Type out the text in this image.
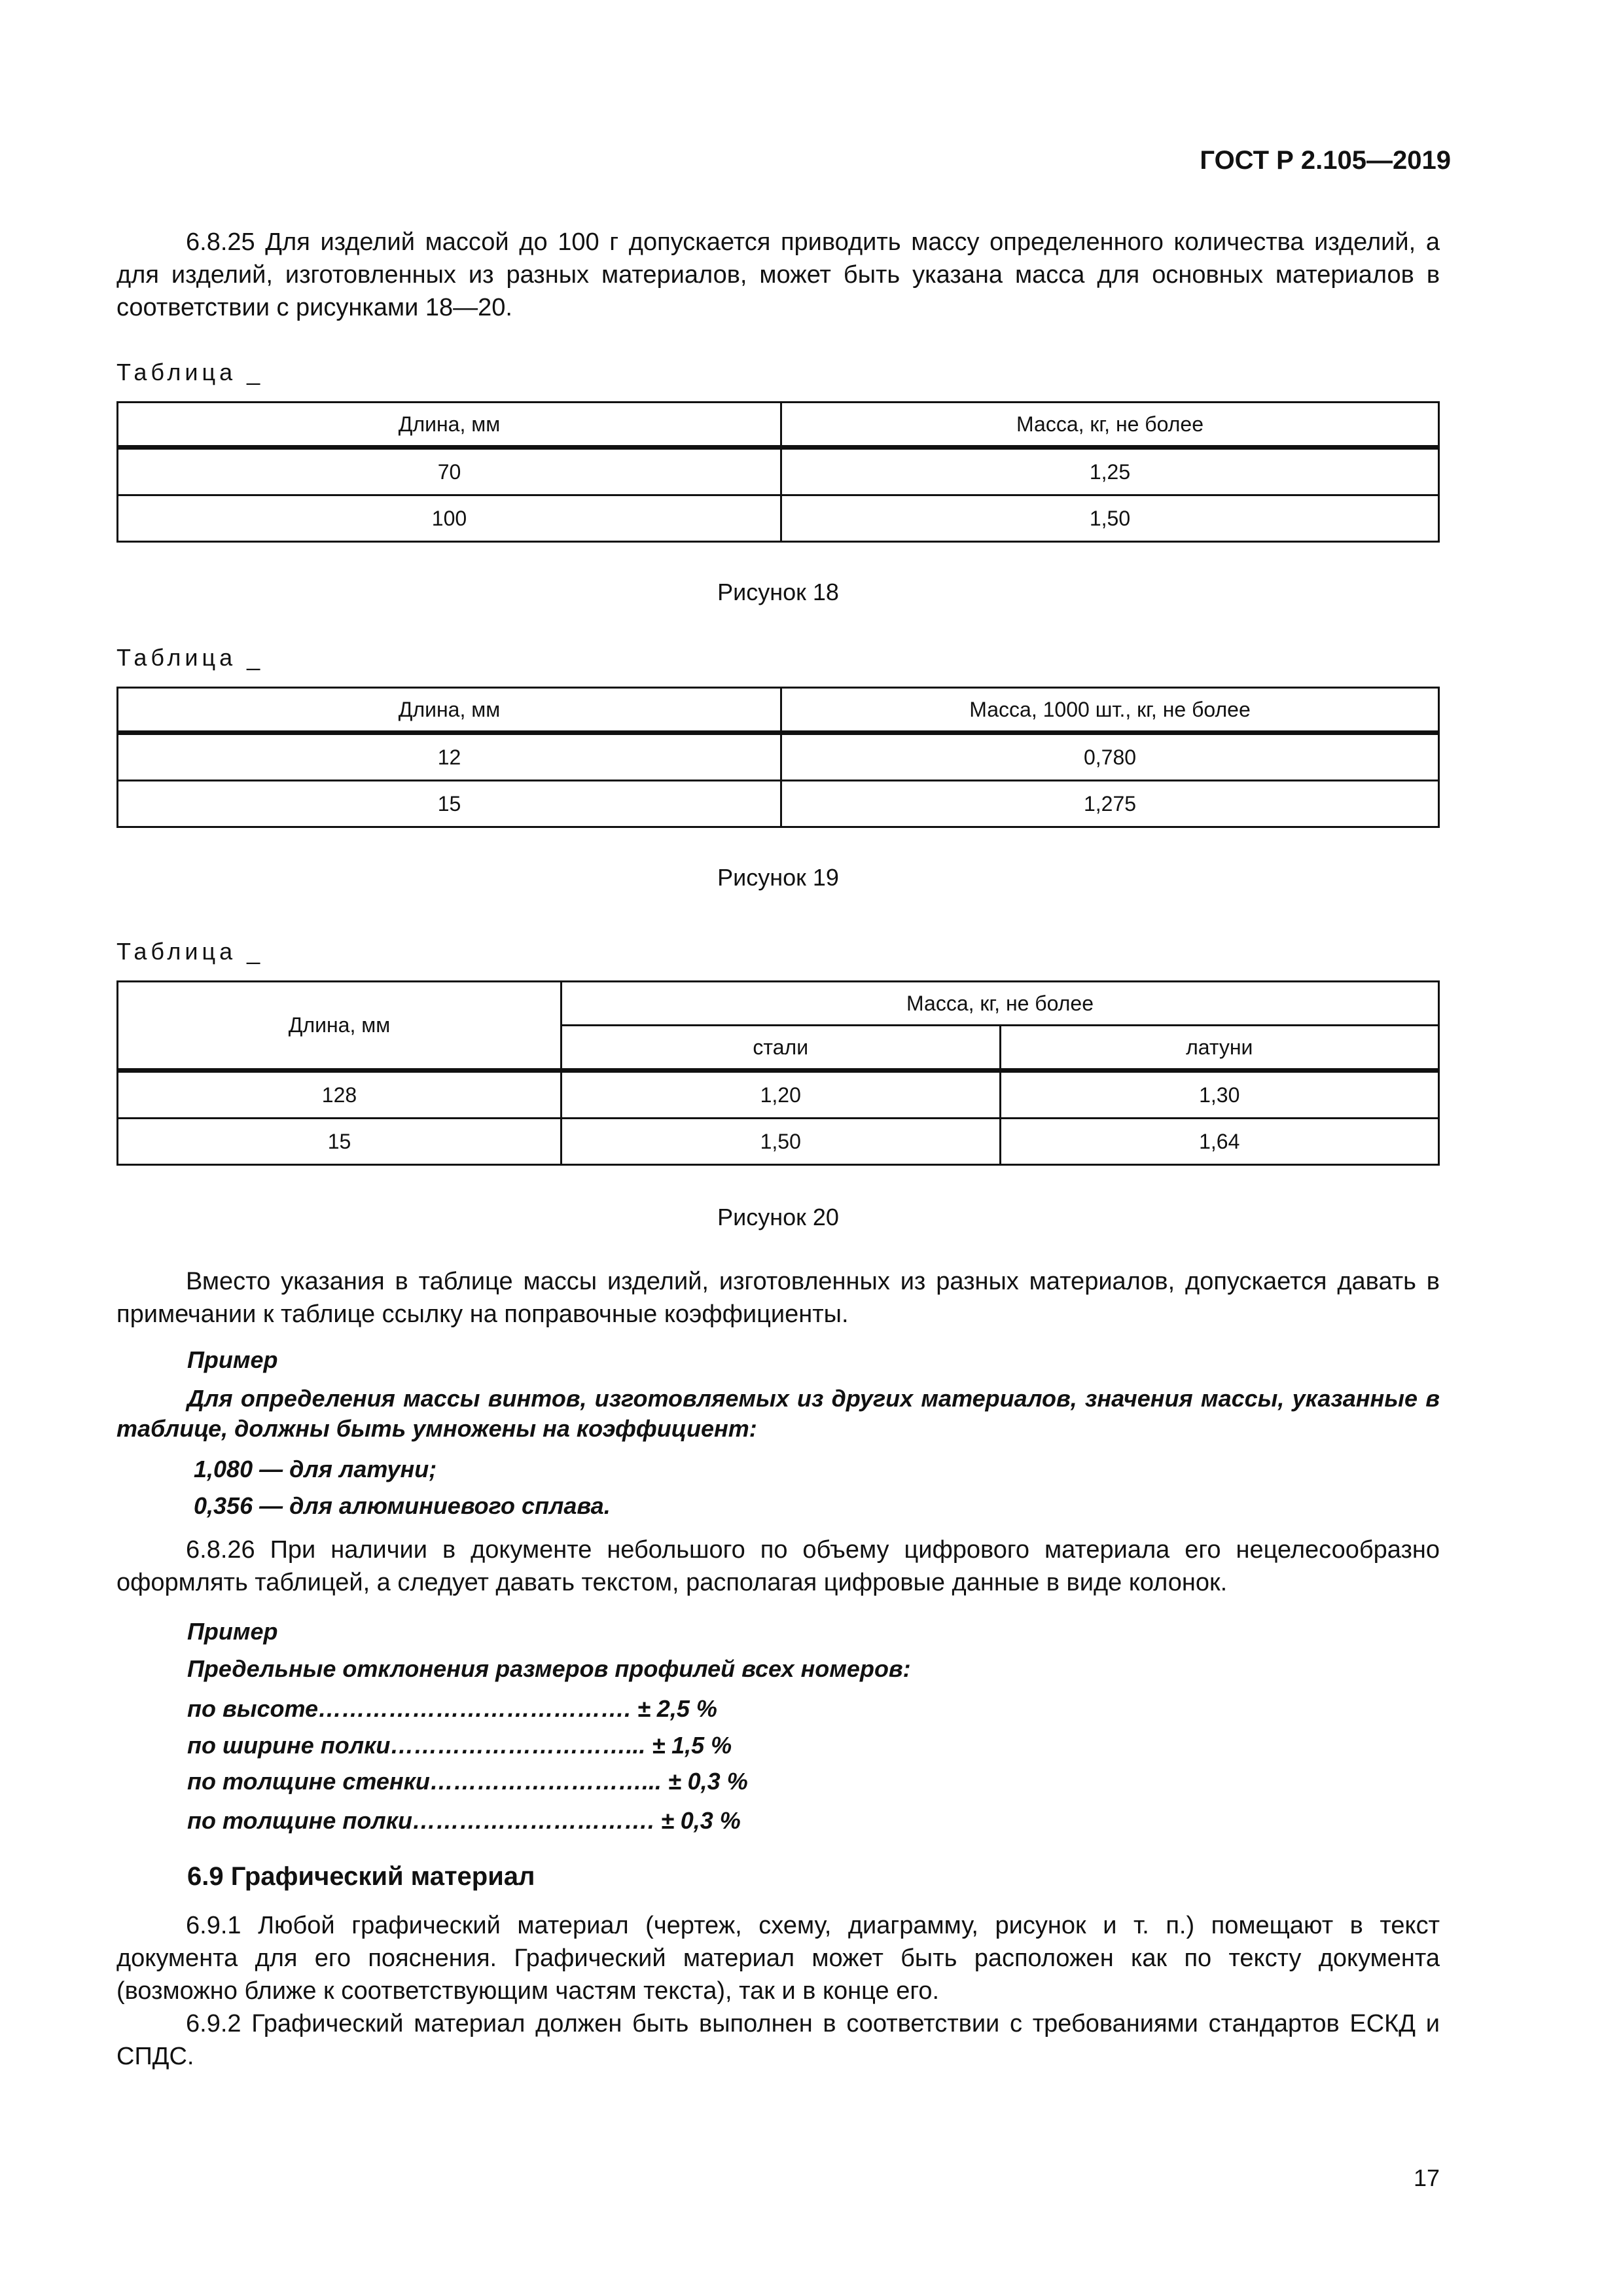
ГОСТ Р 2.105—2019

6.8.25 Для изделий массой до 100 г допускается приводить массу определенного количества изделий, а для изделий, изготовленных из разных материалов, может быть указана масса для основных материалов в соответствии с рисунками 18—20.

Таблица _
Длина, мм	Масса, кг, не более
70	1,25
100	1,50
Рисунок 18
Таблица _
Длина, мм	Масса, 1000 шт., кг, не более
12	0,780
15	1,275
Рисунок 19
Таблица _
Длина, мм	Масса, кг, не более	
	стали	латуни
128	1,20	1,30
15	1,50	1,64
Рисунок 20

Вместо указания в таблице массы изделий, изготовленных из разных материалов, допускается давать в примечании к таблице ссылку на поправочные коэффициенты.

Пример

Для определения массы винтов, изготовляемых из других материалов, значения массы, указанные в таблице, должны быть умножены на коэффициент:

1,080 — для латуни;
0,356 — для алюминиевого сплава.

6.8.26 При наличии в документе небольшого по объему цифрового материала его нецелесообразно оформлять таблицей, а следует давать текстом, располагая цифровые данные в виде колонок.

Пример
Предельные отклонения размеров профилей всех номеров:
по высоте…………………………………. ± 2,5 %
по ширине полки…………………………... ± 1,5 %
по толщине стенки………………………... ± 0,3 %
по толщине полки…………………………. ± 0,3 %
6.9 Графический материал

6.9.1 Любой графический материал (чертеж, схему, диаграмму, рисунок и т. п.) помещают в текст документа для его пояснения. Графический материал может быть расположен как по тексту документа (возможно ближе к соответствующим частям текста), так и в конце его.

6.9.2 Графический материал должен быть выполнен в соответствии с требованиями стандартов ЕСКД и СПДС.

17
